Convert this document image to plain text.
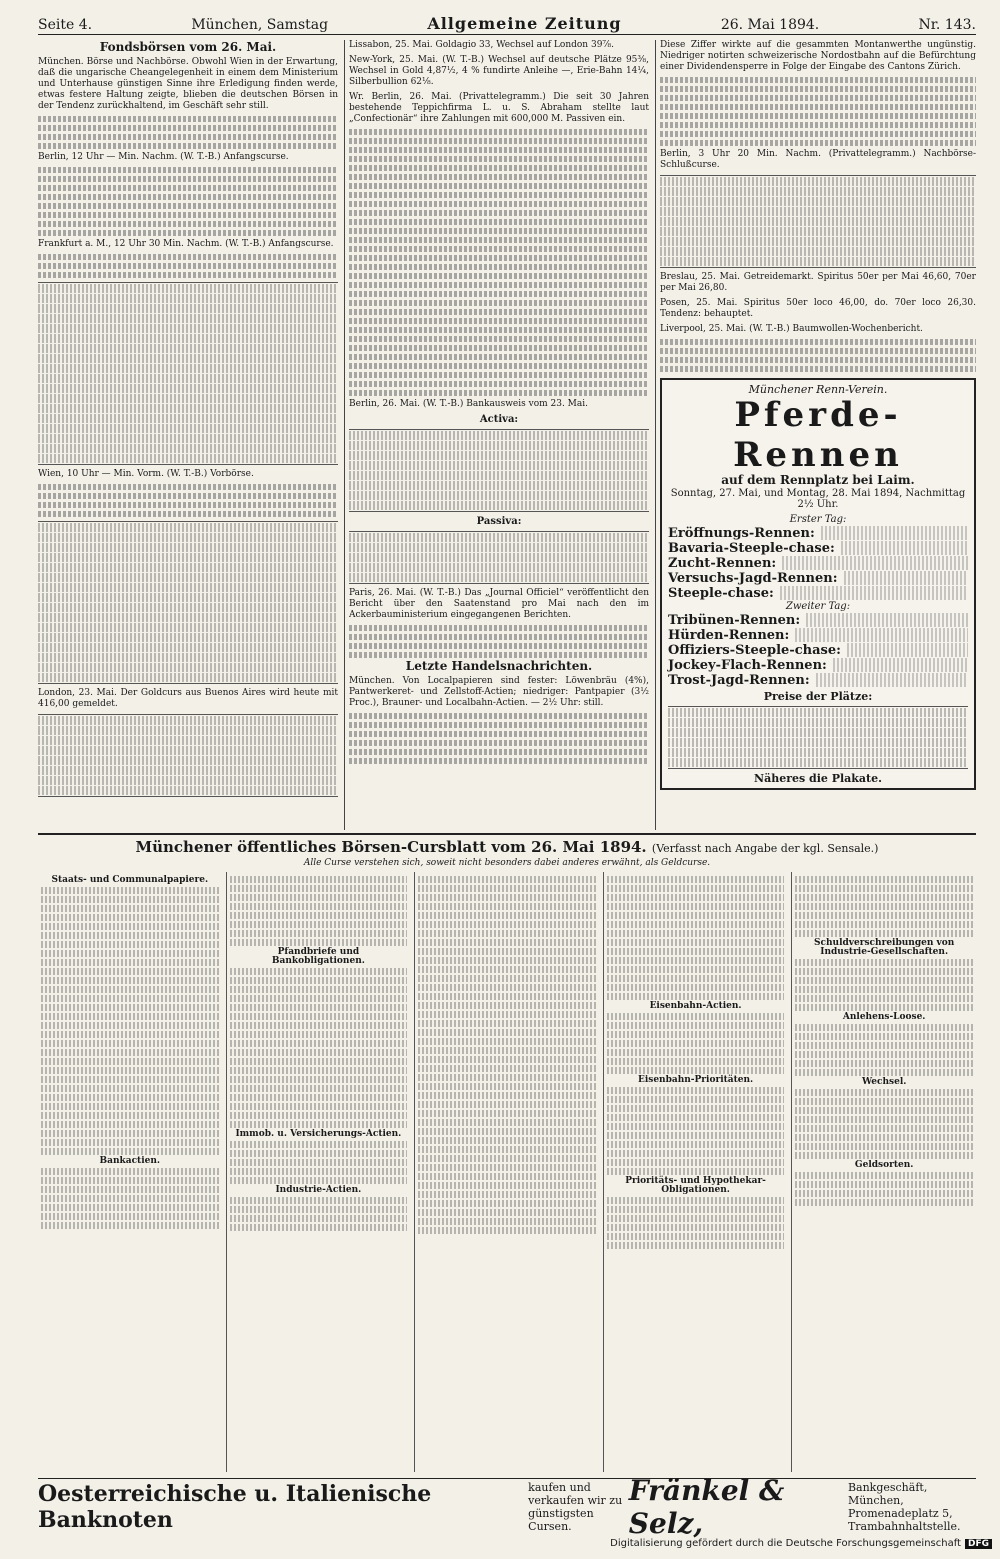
Seite 4.	München, Samstag	Allgemeine Zeitung	26. Mai 1894.	Nr. 143.
Fondsbörsen vom 26. Mai.

München. Börse und Nachbörse. Obwohl Wien in der Erwartung, daß die ungarische Cheangelegenheit in einem dem Ministerium und Unterhause günstigen Sinne ihre Erledigung finden werde, etwas festere Haltung zeigte, blieben die deutschen Börsen in der Tendenz zurückhaltend, im Geschäft sehr still.

Berlin, 12 Uhr — Min. Nachm. (W. T.-B.) Anfangscurse.

Frankfurt a. M., 12 Uhr 30 Min. Nachm. (W. T.-B.) Anfangscurse.

Wien, 10 Uhr — Min. Vorm. (W. T.-B.) Vorbörse.

London, 23. Mai. Der Goldcurs aus Buenos Aires wird heute mit 416,00 gemeldet.

Lissabon, 25. Mai. Goldagio 33, Wechsel auf London 39⅞.

New-York, 25. Mai. (W. T.-B.) Wechsel auf deutsche Plätze 95⅜, Wechsel in Gold 4,87½, 4 % fundirte Anleihe —, Erie-Bahn 14¼, Silberbullion 62⅛.

Wr. Berlin, 26. Mai. (Privattelegramm.) Die seit 30 Jahren bestehende Teppichfirma L. u. S. Abraham stellte laut „Confectionär“ ihre Zahlungen mit 600,000 M. Passiven ein.

Berlin, 26. Mai. (W. T.-B.) Bankausweis vom 23. Mai.

Activa:
Passiva:

Paris, 26. Mai. (W. T.-B.) Das „Journal Officiel“ veröffentlicht den Bericht über den Saatenstand pro Mai nach den im Ackerbauministerium eingegangenen Berichten.

Letzte Handelsnachrichten.

München. Von Localpapieren sind fester: Löwenbräu (4%), Pantwerkeret- und Zellstoff-Actien; niedriger: Pantpapier (3½ Proc.), Brauner- und Localbahn-Actien. — 2½ Uhr: still.

Diese Ziffer wirkte auf die gesammten Montanwerthe ungünstig. Niedriger notirten schweizerische Nordostbahn auf die Befürchtung einer Dividendensperre in Folge der Eingabe des Cantons Zürich.

Berlin, 3 Uhr 20 Min. Nachm. (Privattelegramm.) Nachbörse-Schlußcurse.

Breslau, 25. Mai. Getreidemarkt. Spiritus 50er per Mai 46,60, 70er per Mai 26,80.

Posen, 25. Mai. Spiritus 50er loco 46,00, do. 70er loco 26,30. Tendenz: behauptet.

Liverpool, 25. Mai. (W. T.-B.) Baumwollen-Wochenbericht.

Münchener Renn-Verein.
Pferde-Rennen
auf dem Rennplatz bei Laim.
Sonntag, 27. Mai, und Montag, 28. Mai 1894, Nachmittag 2½ Uhr.
Erster Tag:
Eröffnungs-Rennen:
Bavaria-Steeple-chase:
Zucht-Rennen:
Versuchs-Jagd-Rennen:
Steeple-chase:
Zweiter Tag:
Tribünen-Rennen:
Hürden-Rennen:
Offiziers-Steeple-chase:
Jockey-Flach-Rennen:
Trost-Jagd-Rennen:
Preise der Plätze:
Näheres die Plakate.
Münchener öffentliches Börsen-Cursblatt vom 26. Mai 1894. (Verfasst nach Angabe der kgl. Sensale.)
Alle Curse verstehen sich, soweit nicht besonders dabei anderes erwähnt, als Geldcurse.
Staats- und Communalpapiere.
Bankactien.
Pfandbriefe und Bankobligationen.
Immob. u. Versicherungs-Actien.
Industrie-Actien.
Eisenbahn-Actien.
Eisenbahn-Prioritäten.
Prioritäts- und Hypothekar-Obligationen.
Schuldverschreibungen von Industrie-Gesellschaften.
Anlehens-Loose.
Wechsel.
Geldsorten.
Oesterreichische u. Italienische Banknoten
kaufen und verkaufen wir zu günstigsten Cursen.
Fränkel & Selz,
Bankgeschäft, München, Promenadeplatz 5, Trambahnhaltstelle.
Digitalisierung gefördert durch die Deutsche Forschungsgemeinschaft DFG
